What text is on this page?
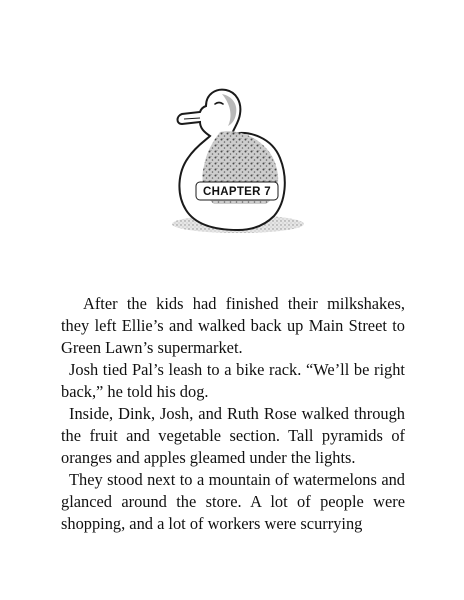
CHAPTER 7

After the kids had finished their milkshakes, they left Ellie’s and walked back up Main Street to Green Lawn’s supermarket.

Josh tied Pal’s leash to a bike rack. “We’ll be right back,” he told his dog.

Inside, Dink, Josh, and Ruth Rose walked through the fruit and vegetable section. Tall pyramids of oranges and apples gleamed under the lights.

They stood next to a mountain of watermelons and glanced around the store. A lot of people were shopping, and a lot of workers were scurrying
